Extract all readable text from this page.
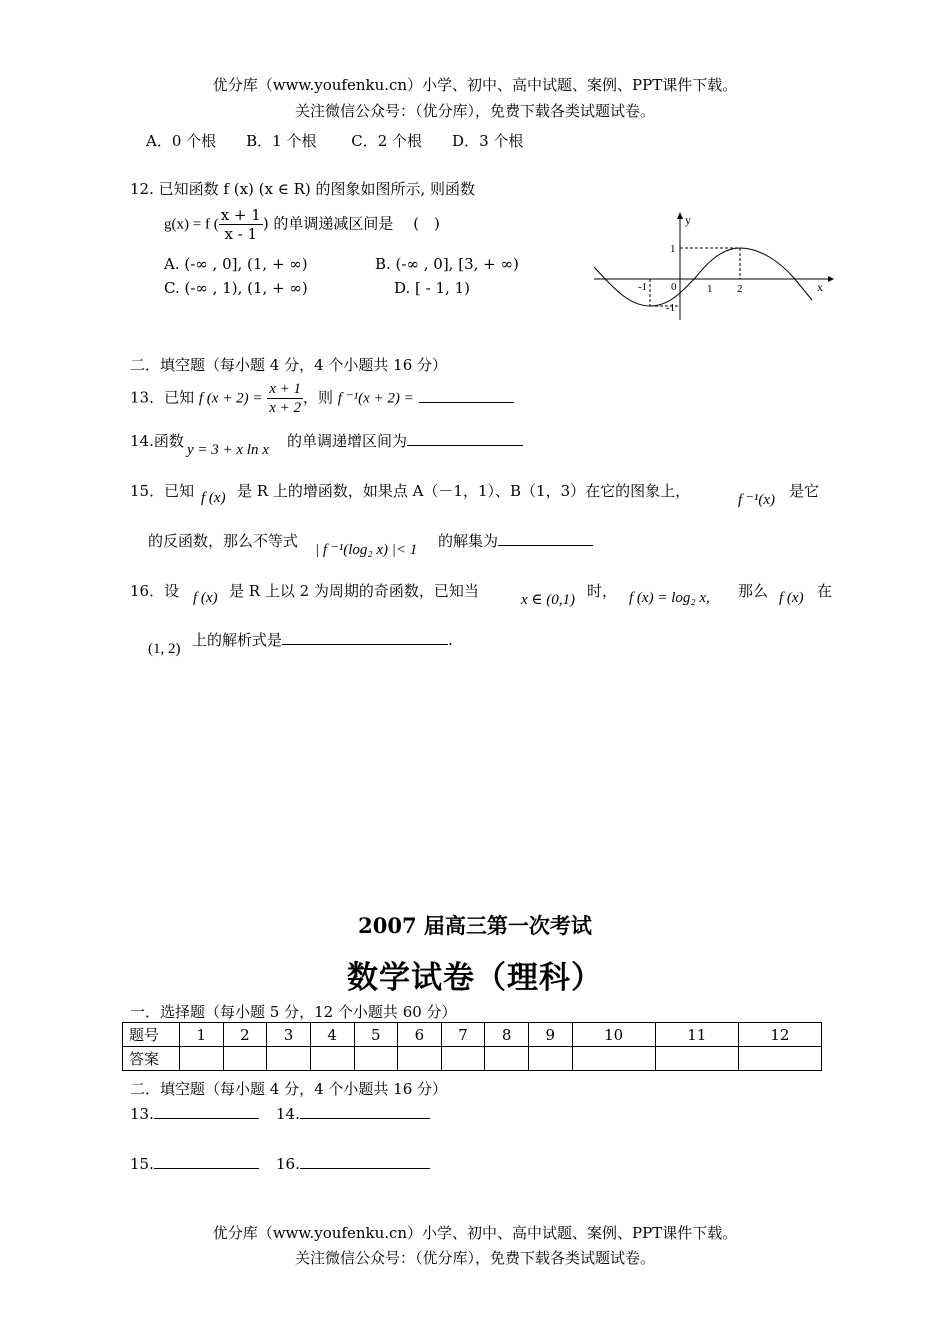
优分库（www.youfenku.cn）小学、初中、高中试题、案例、PPT课件下载。
关注微信公众号：（优分库），免费下载各类试题试卷。
A．0 个根　　B．1 个根　　 C．2 个根　　D．3 个根
12. 已知函数 f (x) (x ∈ R) 的图象如图所示, 则函数
g(x) = f ( $\frac{x + 1}{x - 1}$ ) 的单调递减区间是　 (　)
A. (-∞ , 0], (1, + ∞)	B. (-∞ , 0], [3, + ∞)
C. (-∞ , 1), (1, + ∞)	D. [ - 1, 1)
y
x
1
-1
-1 0	1 2
二．填空题（每小题 4 分，4 个小题共 16 分）
13．已知 f $(x + 2) = \frac{x + 1}{x + 2}$ ，则 f ⁻¹(x + 2) =
14.函数 y = 3 + x ln x 的单调递增区间为
15．已知 f (x) 是 R 上的增函数，如果点 A（－1，1）、B（1，3）在它的图象上，	f ⁻¹(x) 是它
的反函数，那么不等式 | f ⁻¹(log₂ x) |< 1 的解集为
16．设 f (x) 是 R 上以 2 为周期的奇函数，已知当	x ∈ (0,1) 时， f (x) = log₂ x, 那么 f (x) 在
(1, 2) 上的解析式是	.
2007 届高三第一次考试
数学试卷（理科）
一．选择题（每小题 5 分，12 个小题共 60 分）
题号	1	2	3	4	5	6	7	8	9	10	11	12
答案												
二．填空题（每小题 4 分，4 个小题共 16 分）
13.	14.
15.	16.
优分库（www.youfenku.cn）小学、初中、高中试题、案例、PPT课件下载。
关注微信公众号：（优分库），免费下载各类试题试卷。
